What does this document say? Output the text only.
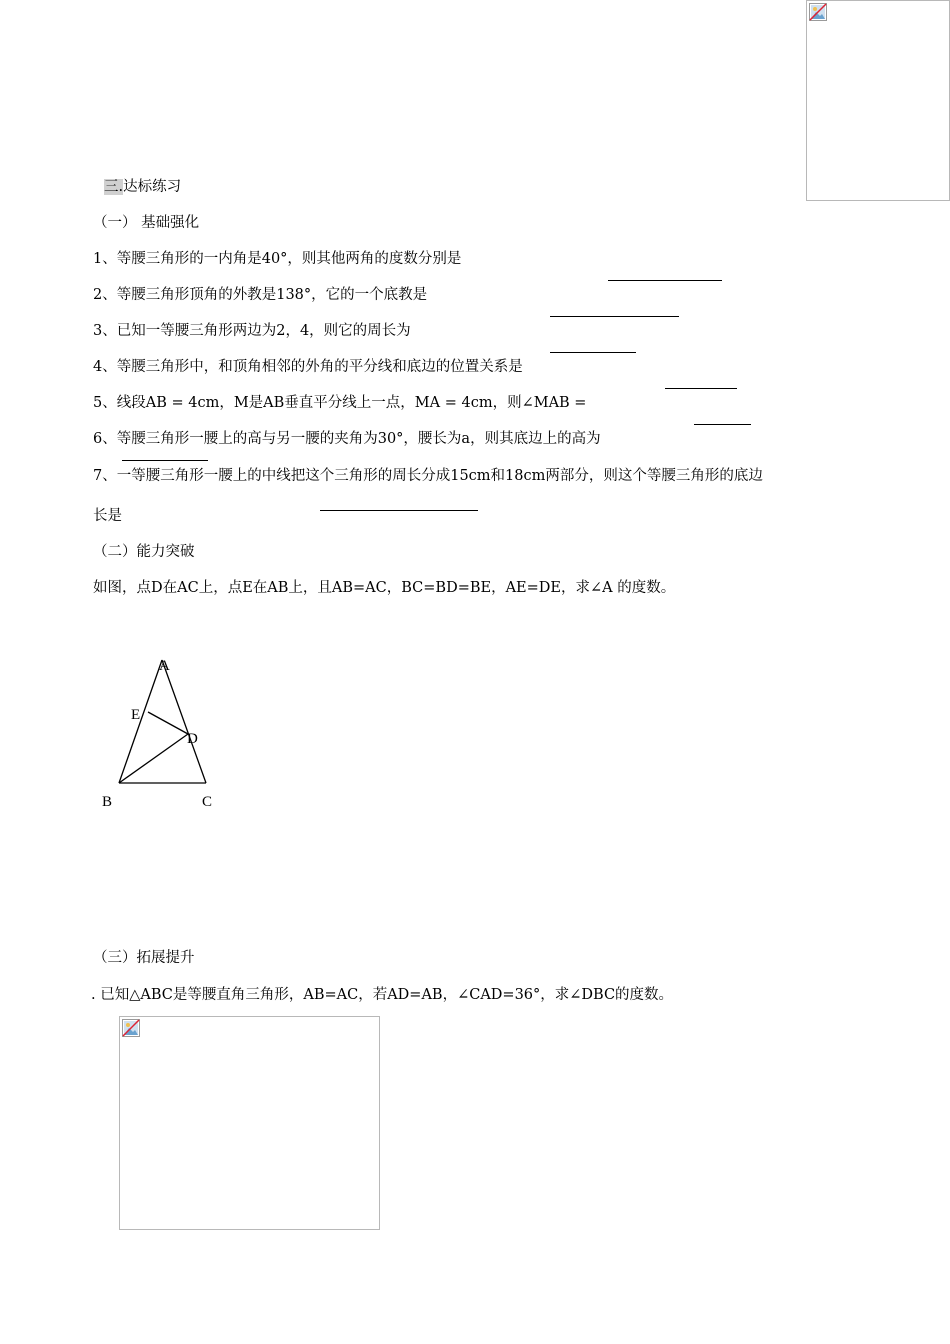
三.达标练习
（一） 基础强化
1、等腰三角形的一内角是40°，则其他两角的度数分别是
2、等腰三角形顶角的外教是138°，它的一个底教是
3、已知一等腰三角形两边为2，4，则它的周长为
4、等腰三角形中，和顶角相邻的外角的平分线和底边的位置关系是
5、线段AB = 4cm，M是AB垂直平分线上一点，MA = 4cm，则∠MAB =
6、等腰三角形一腰上的高与另一腰的夹角为30°，腰长为a，则其底边上的高为
7、一等腰三角形一腰上的中线把这个三角形的周长分成15cm和18cm两部分，则这个等腰三角形的底边
长是
（二）能力突破
如图，点D在AC上，点E在AB上，且AB=AC，BC=BD=BE，AE=DE，求∠A 的度数。
A
E
D
B	C
（三）拓展提升
. 已知△ABC是等腰直角三角形，AB=AC，若AD=AB，∠CAD=36°，求∠DBC的度数。
